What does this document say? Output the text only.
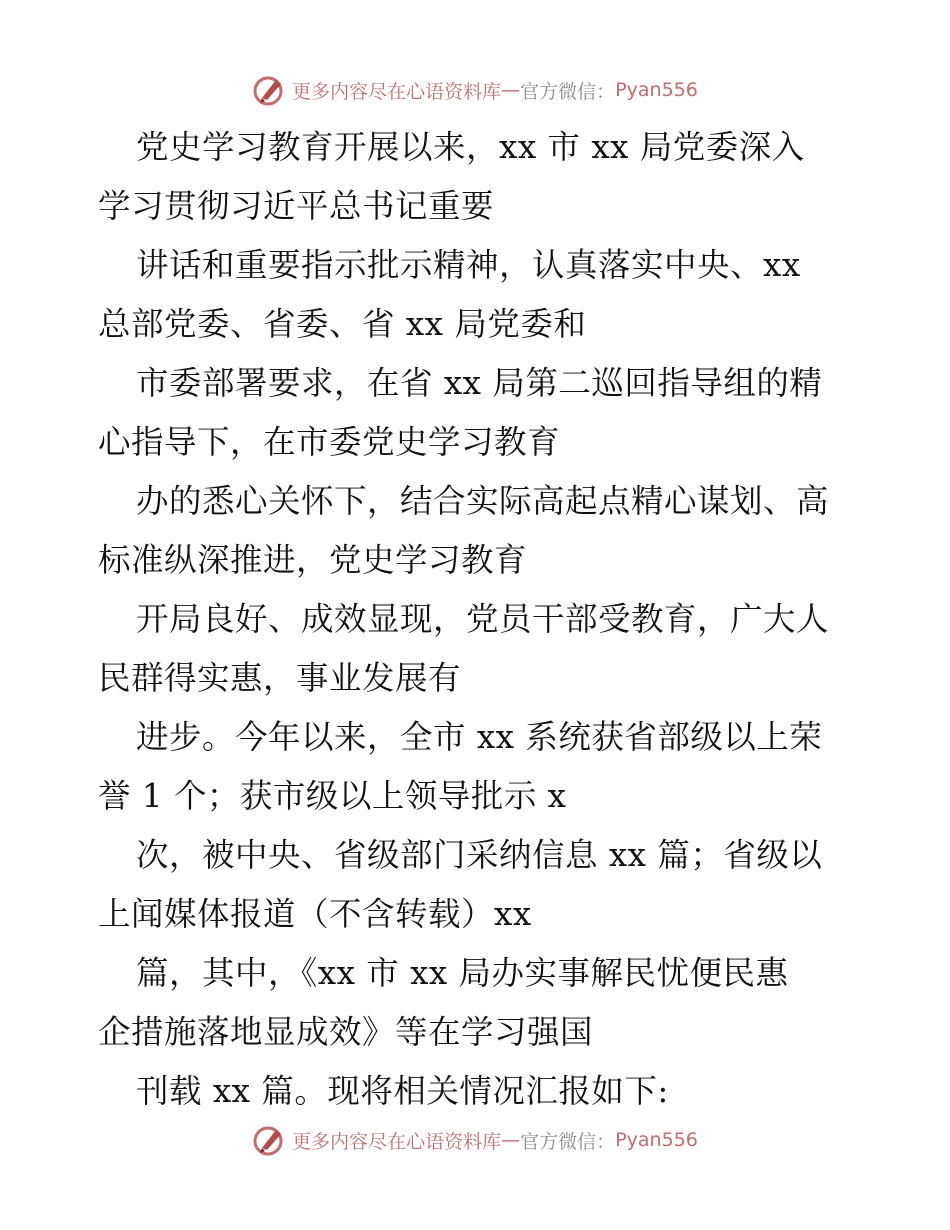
更多内容尽在心语资料库 — 官方微信： Pyan556
党史学习教育开展以来，xx 市 xx 局党委深入
学习贯彻习近平总书记重要
讲话和重要指示批示精神，认真落实中央、xx
总部党委、省委、省 xx 局党委和
市委部署要求，在省 xx 局第二巡回指导组的精
心指导下，在市委党史学习教育
办的悉心关怀下，结合实际高起点精心谋划、高
标准纵深推进，党史学习教育
开局良好、成效显现，党员干部受教育，广大人
民群得实惠，事业发展有
进步。今年以来，全市 xx 系统获省部级以上荣
誉 1 个；获市级以上领导批示 x
次，被中央、省级部门采纳信息 xx 篇；省级以
上闻媒体报道（不含转载）xx
篇，其中，《xx 市 xx 局办实事解民忧便民惠
企措施落地显成效》等在学习强国
刊载 xx 篇。现将相关情况汇报如下:
更多内容尽在心语资料库 — 官方微信： Pyan556
